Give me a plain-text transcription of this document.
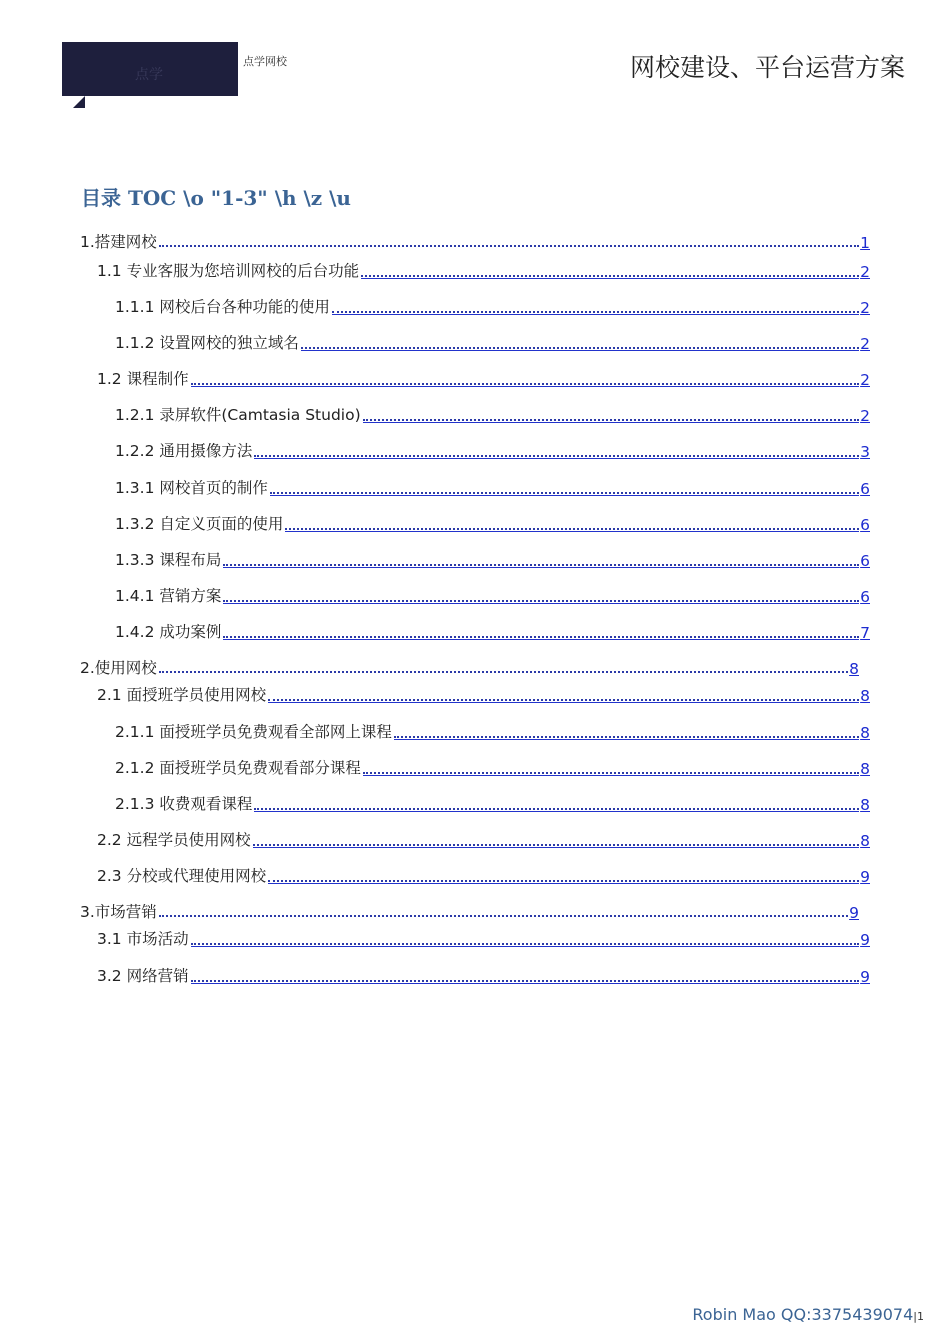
点学
点学网校	网校建设、平台运营方案
目录 TOC \o "1-3" \h \z \u
1.搭建网校	1
1.1 专业客服为您培训网校的后台功能	2
1.1.1 网校后台各种功能的使用	2
1.1.2 设置网校的独立域名	2
1.2 课程制作	2
1.2.1 录屏软件(Camtasia Studio)	2
1.2.2 通用摄像方法	3
1.3.1 网校首页的制作	6
1.3.2 自定义页面的使用	6
1.3.3 课程布局	6
1.4.1 营销方案	6
1.4.2 成功案例	7
2.使用网校	8
2.1 面授班学员使用网校	8
2.1.1 面授班学员免费观看全部网上课程	8
2.1.2 面授班学员免费观看部分课程	8
2.1.3 收费观看课程	8
2.2 远程学员使用网校	8
2.3 分校或代理使用网校	9
3.市场营销	9
3.1 市场活动	9
3.2 网络营销	9
Robin Mao QQ:3375439074|1
